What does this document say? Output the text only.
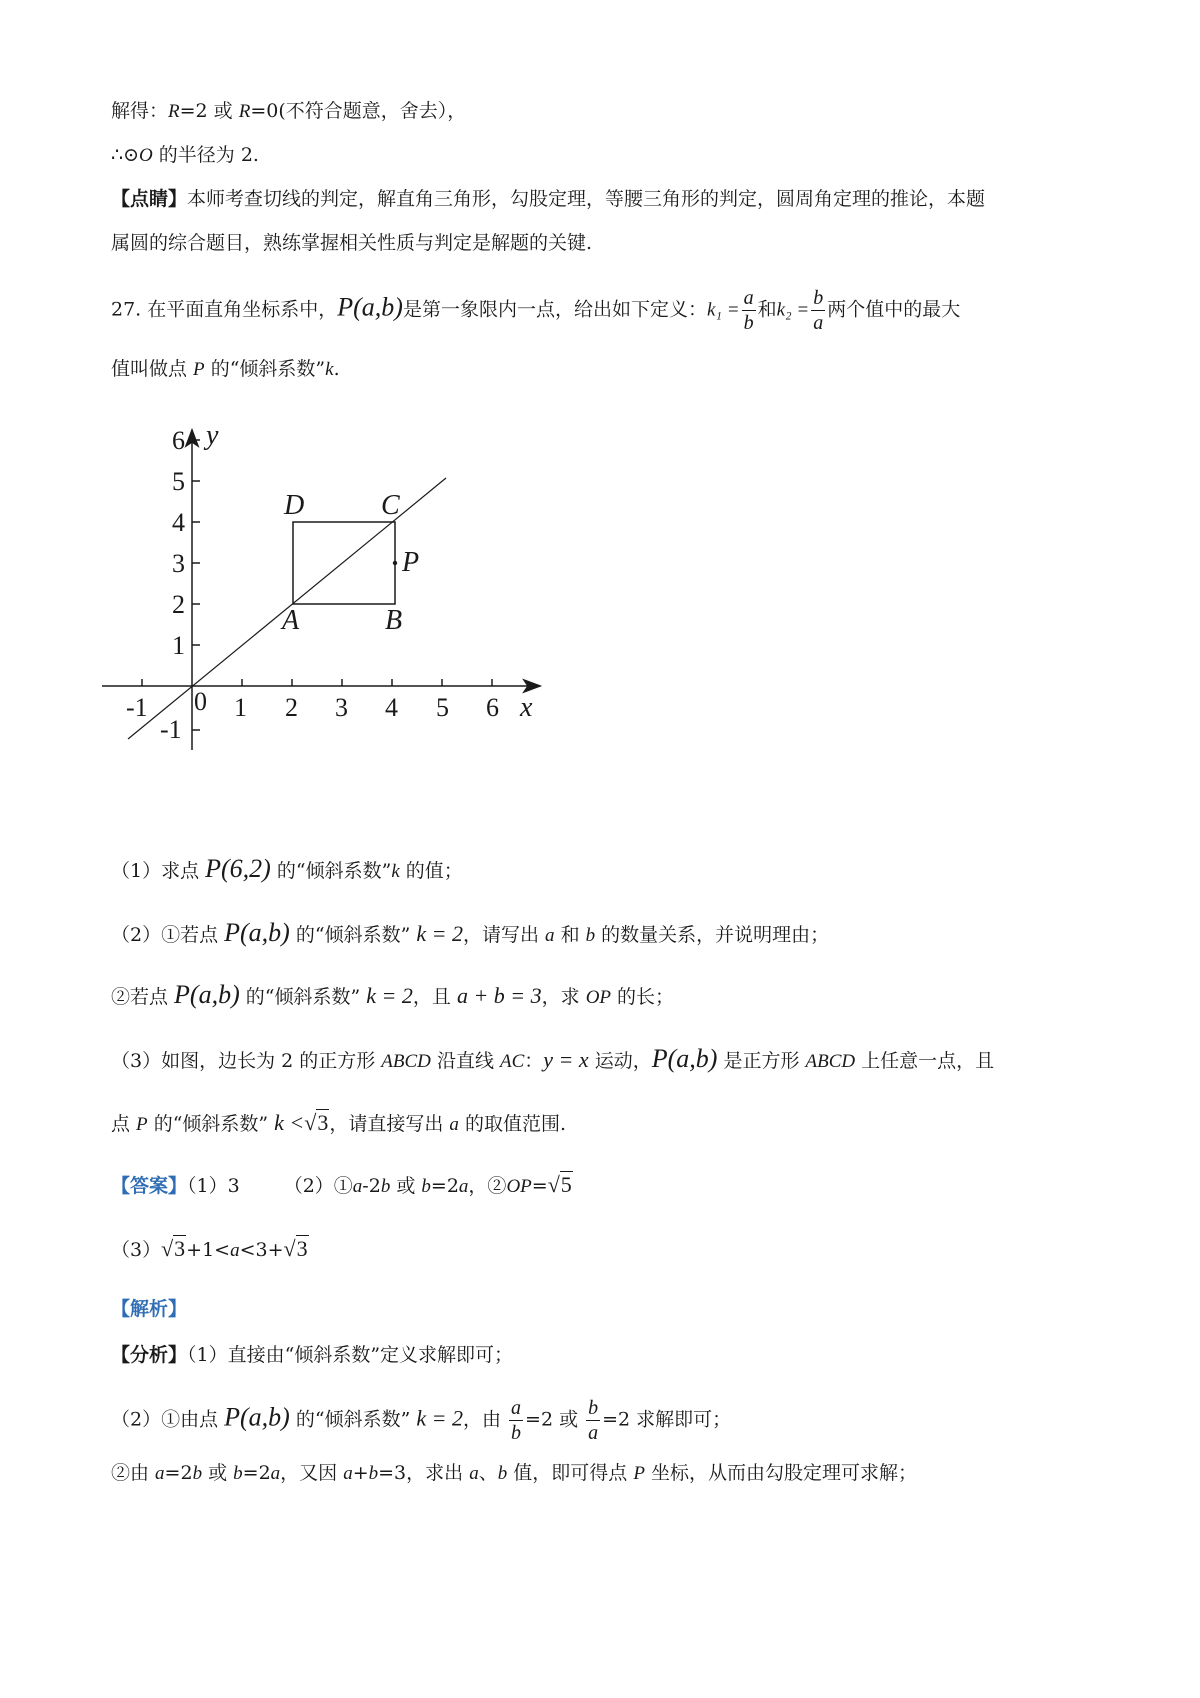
解得：R=2 或 R=0(不符合题意，舍去），
∴⊙O 的半径为 2.
【点睛】本师考查切线的判定，解直角三角形，勾股定理，等腰三角形的判定，圆周角定理的推论，本题
属圆的综合题目，熟练掌握相关性质与判定是解题的关键.
27. 在平面直角坐标系中，P(a,b)是第一象限内一点，给出如下定义：$k_1 = \frac{a}{b}$ 和$k_2 = \frac{b}{a}$ 两个值中的最大
值叫做点 P 的“倾斜系数”k.
-1 0 1 2 3 4 5 6
-1
1
2
3
4
5
6
x
y
A	B
C
D
P
（1）求点 P(6,2) 的“倾斜系数”k 的值；
（2）①若点 P(a,b) 的“倾斜系数” k = 2，请写出 a 和 b 的数量关系，并说明理由；
②若点 P(a,b) 的“倾斜系数” k = 2，且 a + b = 3，求 OP 的长；
（3）如图，边长为 2 的正方形 ABCD 沿直线 AC：y = x 运动，P(a,b) 是正方形 ABCD 上任意一点，且
点 P 的“倾斜系数” k <√3，请直接写出 a 的取值范围.
【答案】（1）3 （2）①a-2b 或 b=2a，②OP=√5
（3）√3+1<a<3+√3
【解析】
【分析】（1）直接由“倾斜系数”定义求解即可；
（2）①由点 P(a,b) 的“倾斜系数” k = 2，由 $\frac{a}{b} =2$ 或 $\frac{b}{a} =2$ 求解即可；
②由 a=2b 或 b=2a，又因 a+b=3，求出 a、b 值，即可得点 P 坐标，从而由勾股定理可求解；
